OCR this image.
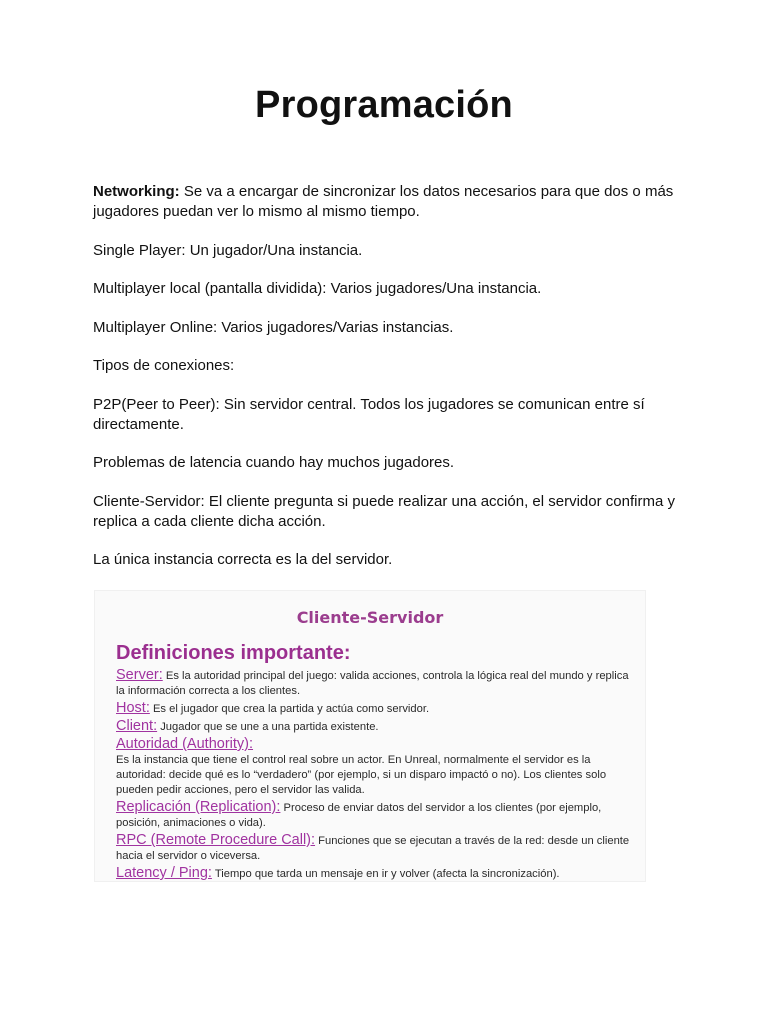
Programación

Networking: Se va a encargar de sincronizar los datos necesarios para que dos o más jugadores puedan ver lo mismo al mismo tiempo.

Single Player: Un jugador/Una instancia.

Multiplayer local (pantalla dividida): Varios jugadores/Una instancia.

Multiplayer Online: Varios jugadores/Varias instancias.

Tipos de conexiones:

P2P(Peer to Peer): Sin servidor central. Todos los jugadores se comunican entre sí directamente.

Problemas de latencia cuando hay muchos jugadores.

Cliente-Servidor: El cliente pregunta si puede realizar una acción, el servidor confirma y replica a cada cliente dicha acción.

La única instancia correcta es la del servidor.

Cliente-Servidor
Definiciones importante:

Server: Es la autoridad principal del juego: valida acciones, controla la lógica real del mundo y replica la información correcta a los clientes.

Host: Es el jugador que crea la partida y actúa como servidor.

Client: Jugador que se une a una partida existente.

Autoridad (Authority):
Es la instancia que tiene el control real sobre un actor. En Unreal, normalmente el servidor es la autoridad: decide qué es lo “verdadero” (por ejemplo, si un disparo impactó o no). Los clientes solo pueden pedir acciones, pero el servidor las valida.

Replicación (Replication): Proceso de enviar datos del servidor a los clientes (por ejemplo, posición, animaciones o vida).

RPC (Remote Procedure Call): Funciones que se ejecutan a través de la red: desde un cliente hacia el servidor o viceversa.

Latency / Ping: Tiempo que tarda un mensaje en ir y volver (afecta la sincronización).
